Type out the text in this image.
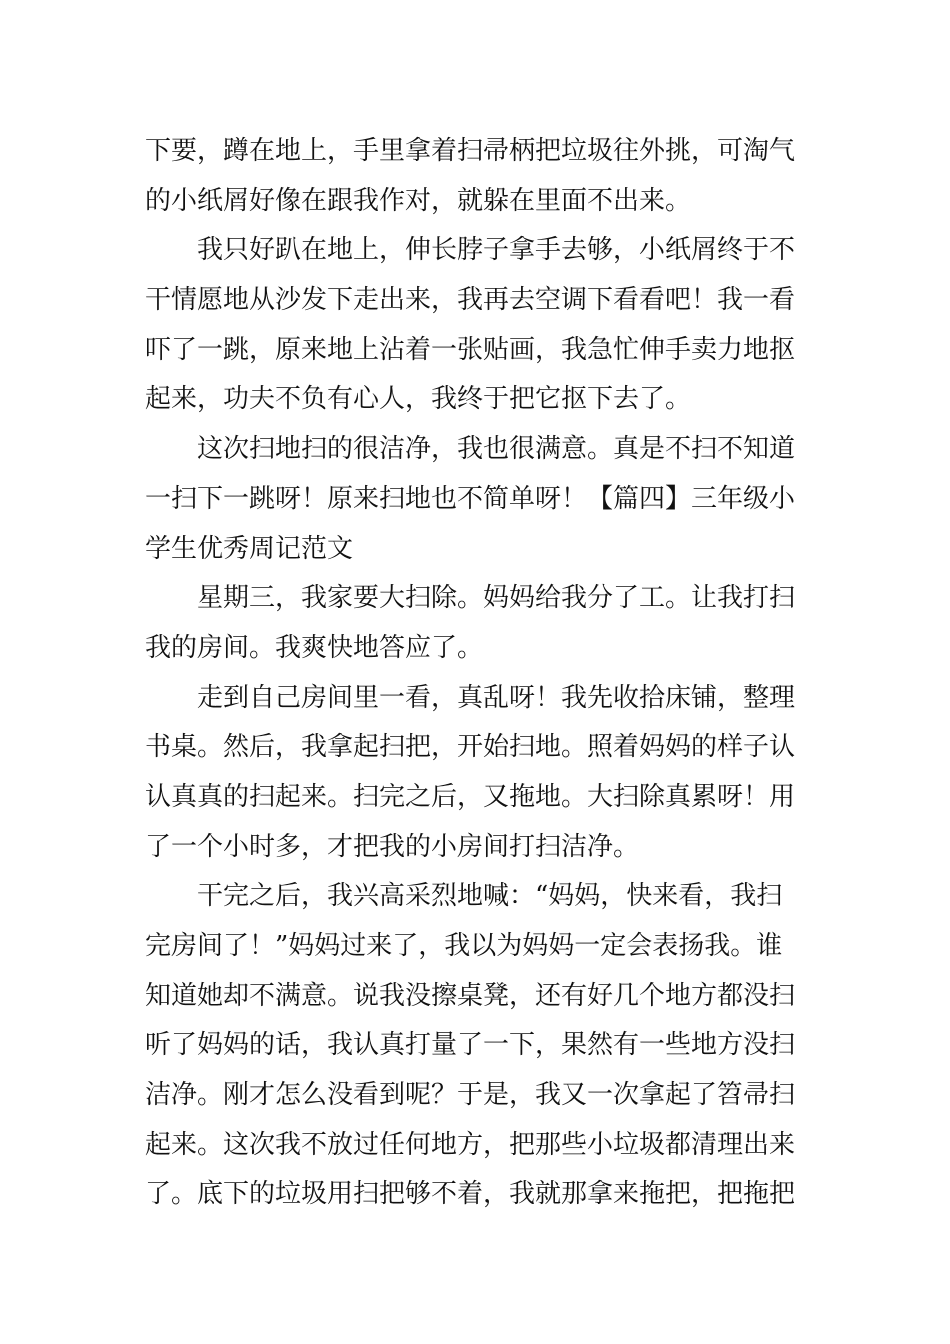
下要，蹲在地上，手里拿着扫帚柄把垃圾往外挑，可淘气
的小纸屑好像在跟我作对，就躲在里面不出来。
我只好趴在地上，伸长脖子拿手去够，小纸屑终于不
干情愿地从沙发下走出来，我再去空调下看看吧！我一看
吓了一跳，原来地上沾着一张贴画，我急忙伸手卖力地抠
起来，功夫不负有心人，我终于把它抠下去了。
这次扫地扫的很洁净，我也很满意。真是不扫不知道
一扫下一跳呀！原来扫地也不简单呀！【篇四】三年级小
学生优秀周记范文
星期三，我家要大扫除。妈妈给我分了工。让我打扫
我的房间。我爽快地答应了。
走到自己房间里一看，真乱呀！我先收拾床铺，整理
书桌。然后，我拿起扫把，开始扫地。照着妈妈的样子认
认真真的扫起来。扫完之后，又拖地。大扫除真累呀！用
了一个小时多，才把我的小房间打扫洁净。
干完之后，我兴高采烈地喊：“妈妈，快来看，我扫
完房间了！”妈妈过来了，我以为妈妈一定会表扬我。谁
知道她却不满意。说我没擦桌凳，还有好几个地方都没扫
听了妈妈的话，我认真打量了一下，果然有一些地方没扫
洁净。刚才怎么没看到呢？于是，我又一次拿起了笤帚扫
起来。这次我不放过任何地方，把那些小垃圾都清理出来
了。底下的垃圾用扫把够不着，我就那拿来拖把，把拖把
